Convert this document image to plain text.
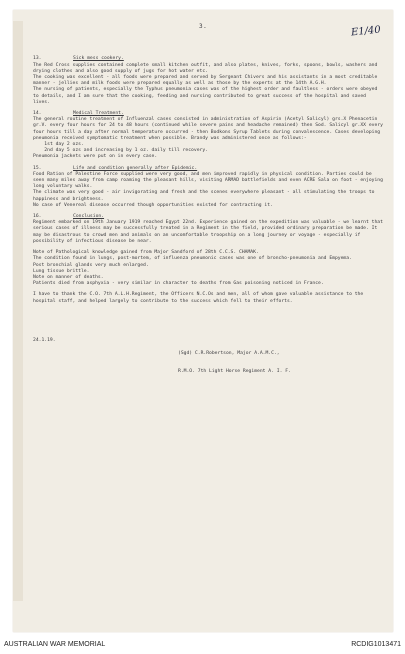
3.	E1/40

13.	Sick mess cookery.
The Red Cross supplies contained complete small kitchen outfit, and also plates, knives, forks, spoons, bowls, washers and drying clothes and also good supply of jugs for hot water etc.
The cooking was excellent - all foods were prepared and served by Sergeant Chivers and his assistants in a most creditable manner - jellies and milk foods were prepared equally as well as those by the experts at the 14th A.G.H.
The nursing of patients, especially the Typhus pneumonia cases was of the highest order and faultless - orders were obeyed to details, and I am sure that the cooking, feeding and nursing contributed to great success of the hospital and saved lives.
14.	Medical Treatment.
The general routine treatment of Influenzal cases consisted in administration of Aspirin (Acetyl Salicyl) grs.X Phenacetin gr.V. every four hours for 24 to 48 hours (continued while severe pains and headache remained) then Sod. Salicyl gr.XX every four hours till a day after normal temperature occurred - then Bodkons Syrup Tablets during convalescence. Cases developing pneumonia received symptomatic treatment when possible. Brandy was administered once as follows:-
1st day 2 ozs.
2nd day 5 ozs and increasing by 1 oz. daily till recovery.
Pneumonia jackets were put on in every case.
15.	Life and condition generally after Epidemic.
Food Ration of Palestine Force supplied were very good, and men improved rapidly in physical condition. Parties could be seen many miles away from camp roaming the pleasant hills, visiting ARMAD battlefields and even ACRE Sala on foot - enjoying long voluntary walks.
The climate was very good - air invigorating and fresh and the scenes everywhere pleasant - all stimulating the troops to happiness and brightness.
No case of Venereal disease occurred though opportunities existed for contracting it.
16.	Conclusion.
Regiment embarked on 19th January 1919 reached Egypt 22nd. Experience gained on the expedition was valuable - we learnt that serious cases of illness may be successfully treated in a Regiment in the field, provided ordinary preparation be made. It may be disastrous to crowd men and animals on an uncomfortable troopship on a long journey or voyage - especially if possibility of infectious disease be near.
Note of Pathological knowledge gained from Major Sandford of 28th C.C.S. CHAMAK.
The condition found in lungs, post-mortem, of influenza pneumonic cases was one of broncho-pneumonia and Empyema.
Post bronchial glands very much enlarged.
Lung tissue brittle.
Note on manner of deaths.
Patients died from asphyxia - very similar in character to deaths from Gas poisoning noticed in France.
I have to thank the C.O. 7th A.L.H.Regiment, the Officers N.C.Os and men, all of whom gave valuable assistance to the hospital staff, and helped largely to contribute to the success which fell to their efforts.

24.1.19.

(Sgd) C.R.Robertson, Major A.A.M.C.,

R.M.O. 7th Light Horse Regiment A. I. F.

AUSTRALIAN WAR MEMORIAL	RCDIG1013471
